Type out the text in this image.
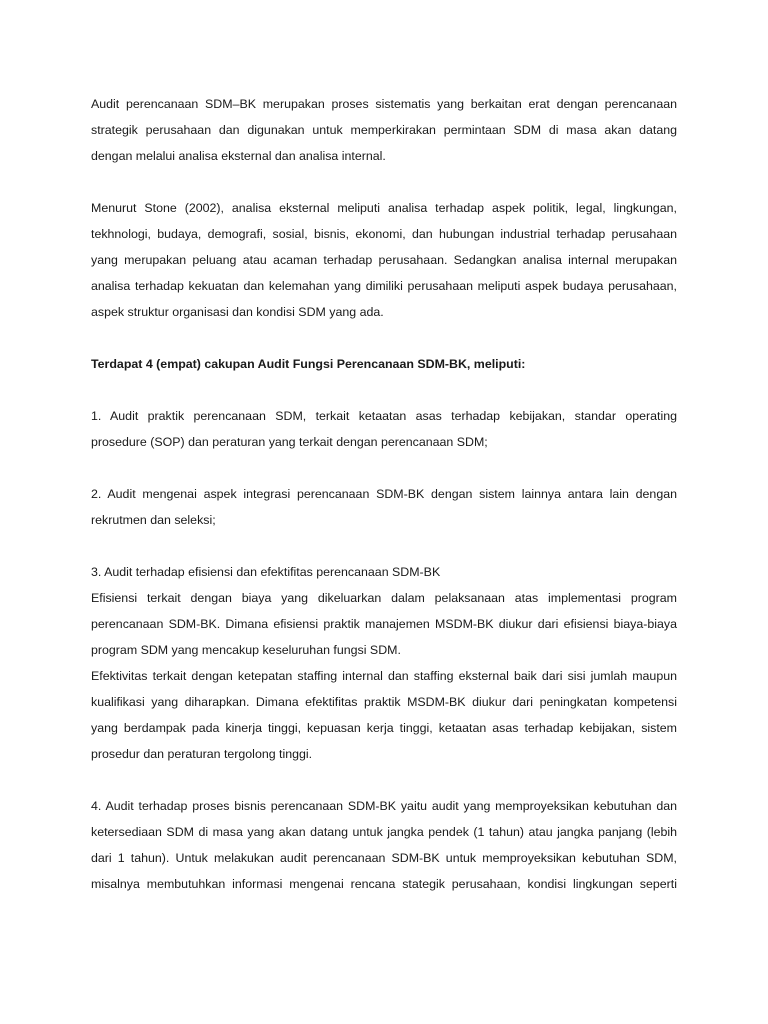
Audit perencanaan SDM–BK merupakan proses sistematis yang berkaitan erat dengan perencanaan
strategik perusahaan dan digunakan untuk memperkirakan permintaan SDM di masa akan datang
dengan melalui analisa eksternal dan analisa internal.

Menurut Stone (2002), analisa eksternal meliputi analisa terhadap aspek politik, legal, lingkungan,
tekhnologi, budaya, demografi, sosial, bisnis, ekonomi, dan hubungan industrial terhadap perusahaan
yang merupakan peluang atau acaman terhadap perusahaan. Sedangkan analisa internal merupakan
analisa terhadap kekuatan dan kelemahan yang dimiliki perusahaan meliputi aspek budaya perusahaan,
aspek struktur organisasi dan kondisi SDM yang ada.

Terdapat 4 (empat) cakupan Audit Fungsi Perencanaan SDM-BK, meliputi:

1. Audit praktik perencanaan SDM, terkait ketaatan asas terhadap kebijakan, standar operating
prosedure (SOP) dan peraturan yang terkait dengan perencanaan SDM;

2. Audit mengenai aspek integrasi perencanaan SDM-BK dengan sistem lainnya antara lain dengan
rekrutmen dan seleksi;

3. Audit terhadap efisiensi dan efektifitas perencanaan SDM-BK

Efisiensi terkait dengan biaya yang dikeluarkan dalam pelaksanaan atas implementasi program
perencanaan SDM-BK. Dimana efisiensi praktik manajemen MSDM-BK diukur dari efisiensi biaya-biaya
program SDM yang mencakup keseluruhan fungsi SDM.

Efektivitas terkait dengan ketepatan staffing internal dan staffing eksternal baik dari sisi jumlah maupun
kualifikasi yang diharapkan. Dimana efektifitas praktik MSDM-BK diukur dari peningkatan kompetensi
yang berdampak pada kinerja tinggi, kepuasan kerja tinggi, ketaatan asas terhadap kebijakan, sistem
prosedur dan peraturan tergolong tinggi.

4. Audit terhadap proses bisnis perencanaan SDM-BK yaitu audit yang memproyeksikan kebutuhan dan
ketersediaan SDM di masa yang akan datang untuk jangka pendek (1 tahun) atau jangka panjang (lebih
dari 1 tahun). Untuk melakukan audit perencanaan SDM-BK untuk memproyeksikan kebutuhan SDM,
misalnya membutuhkan informasi mengenai rencana stategik perusahaan, kondisi lingkungan seperti
